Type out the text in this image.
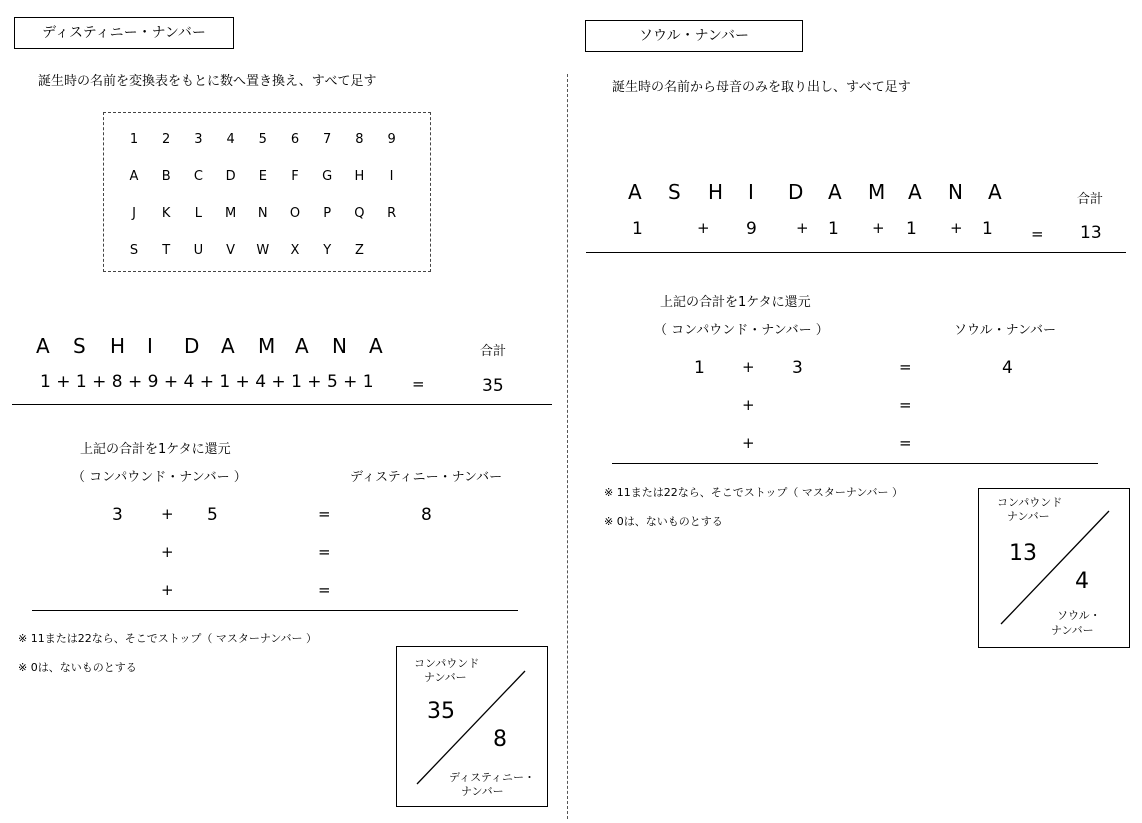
ディスティニー・ナンバー
誕生時の名前を変換表をもとに数へ置き換え、すべて足す
1	2	3	4	5	6	7	8	9
A	B	C	D	E	F	G	H	I
J	K	L	M	N	O	P	Q	R
S	T	U	V	W	X	Y	Z
A S H I D A M A N A	合計
1 + 1 + 8 + 9 + 4 + 1 + 4 + 1 + 5 + 1	=	35
上記の合計を1ケタに還元
（ コンパウンド・ナンバー ）	ディスティニー・ナンバー
3	+ 5	=	8
+	=
+	=
※ 11または22なら、そこでストップ（ マスターナンバー ）
※ 0は、ないものとする	コンパウンド
ナンバー
35
8
ディスティニー・
ナンバー
ソウル・ナンバー
誕生時の名前から母音のみを取り出し、すべて足す
A S H I D A M A N A	合計
1	+ 9	+ 1 + 1 + 1	= 13
上記の合計を1ケタに還元
（ コンパウンド・ナンバー ）	ソウル・ナンバー
1 + 3	=	4
+	=
+	=
※ 11または22なら、そこでストップ（ マスターナンバー ）
※ 0は、ないものとする
コンパウンド
ナンバー
13
4
ソウル・
ナンバー
